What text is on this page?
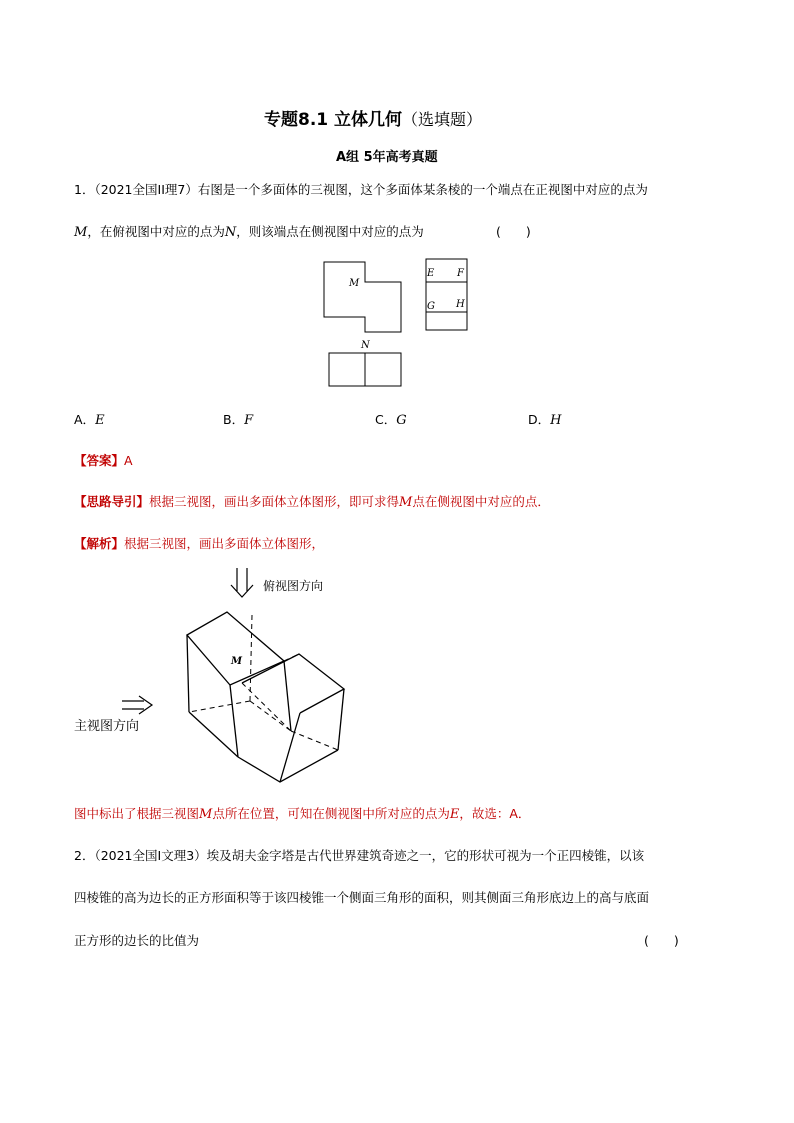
专题8.1 立体几何（选填题）
A组 5年高考真题
1．（2021全国II理7）右图是一个多面体的三视图，这个多面体某条棱的一个端点在正视图中对应的点为
M，在俯视图中对应的点为N，则该端点在侧视图中对应的点为	(　　)
M
N
E F
G H
A．E	B．F	C．G	D．H
【答案】A
【思路导引】根据三视图，画出多面体立体图形，即可求得M点在侧视图中对应的点．
【解析】根据三视图，画出多面体立体图形，
俯视图方向
主视图方向
M
图中标出了根据三视图M点所在位置，可知在侧视图中所对应的点为E，故选：A．
2．（2021全国I文理3）埃及胡夫金字塔是古代世界建筑奇迹之一，它的形状可视为一个正四棱锥，以该
四棱锥的高为边长的正方形面积等于该四棱锥一个侧面三角形的面积，则其侧面三角形底边上的高与底面
正方形的边长的比值为	(　　)
